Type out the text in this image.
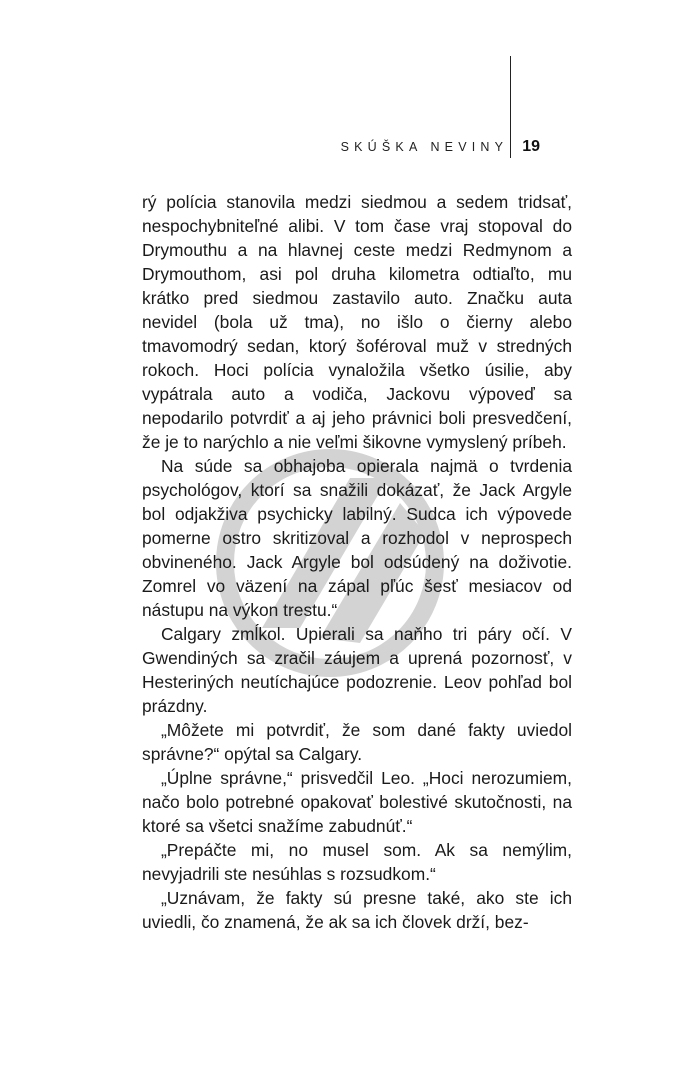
SKÚŠKA NEVINY 19

rý polícia stanovila medzi siedmou a sedem tridsať, nespochybniteľné alibi. V tom čase vraj stopoval do Drymouthu a na hlavnej ceste medzi Redmynom a Drymouthom, asi pol druha kilometra odtiaľto, mu krátko pred siedmou zastavilo auto. Značku auta nevidel (bola už tma), no išlo o čierny alebo tmavomodrý sedan, ktorý šoféroval muž v stredných rokoch. Hoci polícia vynaložila všetko úsilie, aby vypátrala auto a vodiča, Jackovu výpoveď sa nepodarilo potvrdiť a aj jeho právnici boli presvedčení, že je to narýchlo a nie veľmi šikovne vymyslený príbeh.

Na súde sa obhajoba opierala najmä o tvrdenia psychológov, ktorí sa snažili dokázať, že Jack Argyle bol odjakživa psychicky labilný. Sudca ich výpovede pomerne ostro skritizoval a rozhodol v neprospech obvineného. Jack Argyle bol odsúdený na doživotie. Zomrel vo väzení na zápal pľúc šesť mesiacov od nástupu na výkon trestu.“

Calgary zmĺkol. Upierali sa naňho tri páry očí. V Gwendiných sa zračil záujem a uprená pozornosť, v Hesteriných neutíchajúce podozrenie. Leov pohľad bol prázdny.

„Môžete mi potvrdiť, že som dané fakty uviedol správne?“ opýtal sa Calgary.

„Úplne správne,“ prisvedčil Leo. „Hoci nerozumiem, načo bolo potrebné opakovať bolestivé skutočnosti, na ktoré sa všetci snažíme zabudnúť.“

„Prepáčte mi, no musel som. Ak sa nemýlim, nevyjadrili ste nesúhlas s rozsudkom.“

„Uznávam, že fakty sú presne také, ako ste ich uviedli, čo znamená, že ak sa ich človek drží, bez-
